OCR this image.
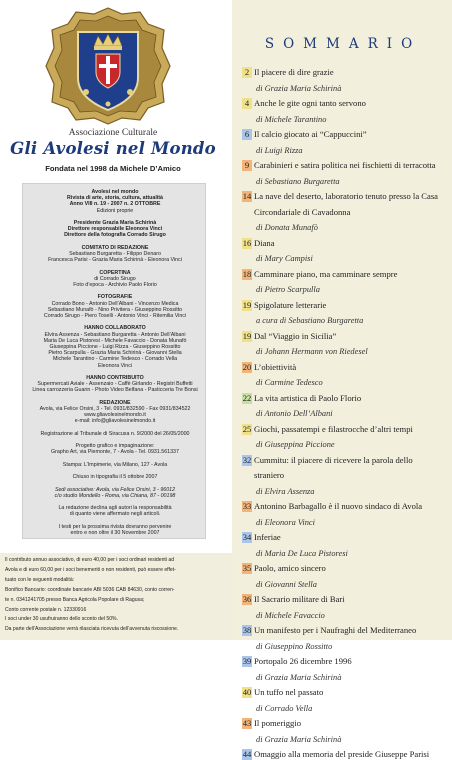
Associazione Culturale
Gli Avolesi nel Mondo
Fondata nel 1998 da Michele D’Amico
Avolesi nel mondo
Rivista di arte, storia, cultura, attualità
Anno VIII n. 19 - 2007 n. 2 OTTOBRE
Edizioni proprie
Presidente Grazia Maria Schirinà
Direttore responsabile Eleonora Vinci
Direttore della fotografia Corrado Sirugo
COMITATO DI REDAZIONE
Sebastiano Burgaretta - Filippo Denaro
Francesca Parisi - Grazia Maria Schirinà - Eleonora Vinci
COPERTINA
di Corrado Sirugo
Foto d’epoca - Archivio Paolo Florio
FOTOGRAFIE
Corrado Bono - Antonio Dell’Albani - Vincenzo Medica
Sebastiano Munafò - Nino Privitera - Giuseppino Rossitto
Corrado Sirugo - Piero Toselli - Antonio Vinci - Ritemilia Vinci
HANNO COLLABORATO
Elvira Assenza - Sebastiano Burgaretta - Antonio Dell’Albani
Maria De Luca Pistoresi - Michele Favaccio - Donata Munafò
Giuseppina Piccione - Luigi Rizza - Giuseppino Rossitto
Pietro Scarpulla - Grazia Maria Schirinà - Giovanni Stella
Michele Tarantino - Carmine Tedesco - Corrado Vella
Eleonora Vinci
HANNO CONTRIBUITO
Supermercati Aviale - Assenzaio - Caffè Girlando - Registri Buffetti
Linea carrozzeria Guarin - Photo Video Belfana - Pasticceria Tre Bonsi
REDAZIONE
Avola, via Felice Orsini, 3 - Tel. 0931/832590 - Fax 0931/834522
www.gliavolesinelmondo.it
e-mail: info@gliavolesinelmondo.it
Registrazione al Tribunale di Siracusa n. 9/2000 del 26/05/2000
Progetto grafico e impaginazione:
Grapho Art, via Piemonte, 7 - Avola - Tel. 0931.561337
Stampa: L’Impimerie, via Milano, 127 - Avola
Chiuso in tipografia il 5 ottobre 2007
Sedi associative: Avola, via Felice Orsini, 3 - 96012
c/o studio Mondello - Roma, via Chiana, 87 - 00198
La redazione declina agli autori la responsabilità
di quanto viene affermato negli articoli.
I testi per la prossima rivista dovranno pervenire
entro e non oltre il 30 Novembre 2007
Il contributo annuo associativo, di euro 40,00 per i soci ordinari residenti ad
Avola e di euro 60,00 per i soci benemeriti o non residenti, può essere effet-
tuato con le seguenti modalità:
Bonifico Bancario: coordinate bancarie ABI 5036 CAB 84630, conto corren-
te n. 0341241705 presso Banca Agricola Popolare di Ragusa;
Conto corrente postale n. 12330916
I soci under 30 usufruiranno dello sconto del 50%.
Da parte dell’Associazione verrà rilasciata ricevuta dell’avvenuta riscossione.
SOMMARIO
2 Il piacere di dire grazie
di Grazia Maria Schirinà
4 Anche le gite ogni tanto servono
di Michele Tarantino
6 Il calcio giocato ai “Cappuccini”
di Luigi Rizza
9 Carabinieri e satira politica nei fischietti di terracotta
di Sebastiano Burgaretta
14 La nave del deserto, laboratorio tenuto presso la Casa
Circondariale di Cavadonna
di Donata Munafò
16 Diana
di Mary Campisi
18 Camminare piano, ma camminare sempre
di Pietro Scarpulla
19 Spigolature letterarie
a cura di Sebastiano Burgaretta
19 Dal “Viaggio in Sicilia”
di Johann Hermann von Riedesel
20 L’obiettività
di Carmine Tedesco
22 La vita artistica di Paolo Florio
di Antonio Dell’Albani
25 Giochi, passatempi e filastrocche d’altri tempi
di Giuseppina Piccione
32 Cummitu: il piacere di ricevere la parola dello
straniero
di Elvira Assenza
33 Antonino Barbagallo è il nuovo sindaco di Avola
di Eleonora Vinci
34 Inferiae
di Maria De Luca Pistoresi
35 Paolo, amico sincero
di Giovanni Stella
36 Il Sacrario militare di Bari
di Michele Favaccio
38 Un manifesto per i Naufraghi del Mediterraneo
di Giuseppino Rossitto
39 Portopalo 26 dicembre 1996
di Grazia Maria Schirinà
40 Un tuffo nel passato
di Corrado Vella
43 Il pomeriggio
di Grazia Maria Schirinà
44 Omaggio alla memoria del preside Giuseppe Parisi
